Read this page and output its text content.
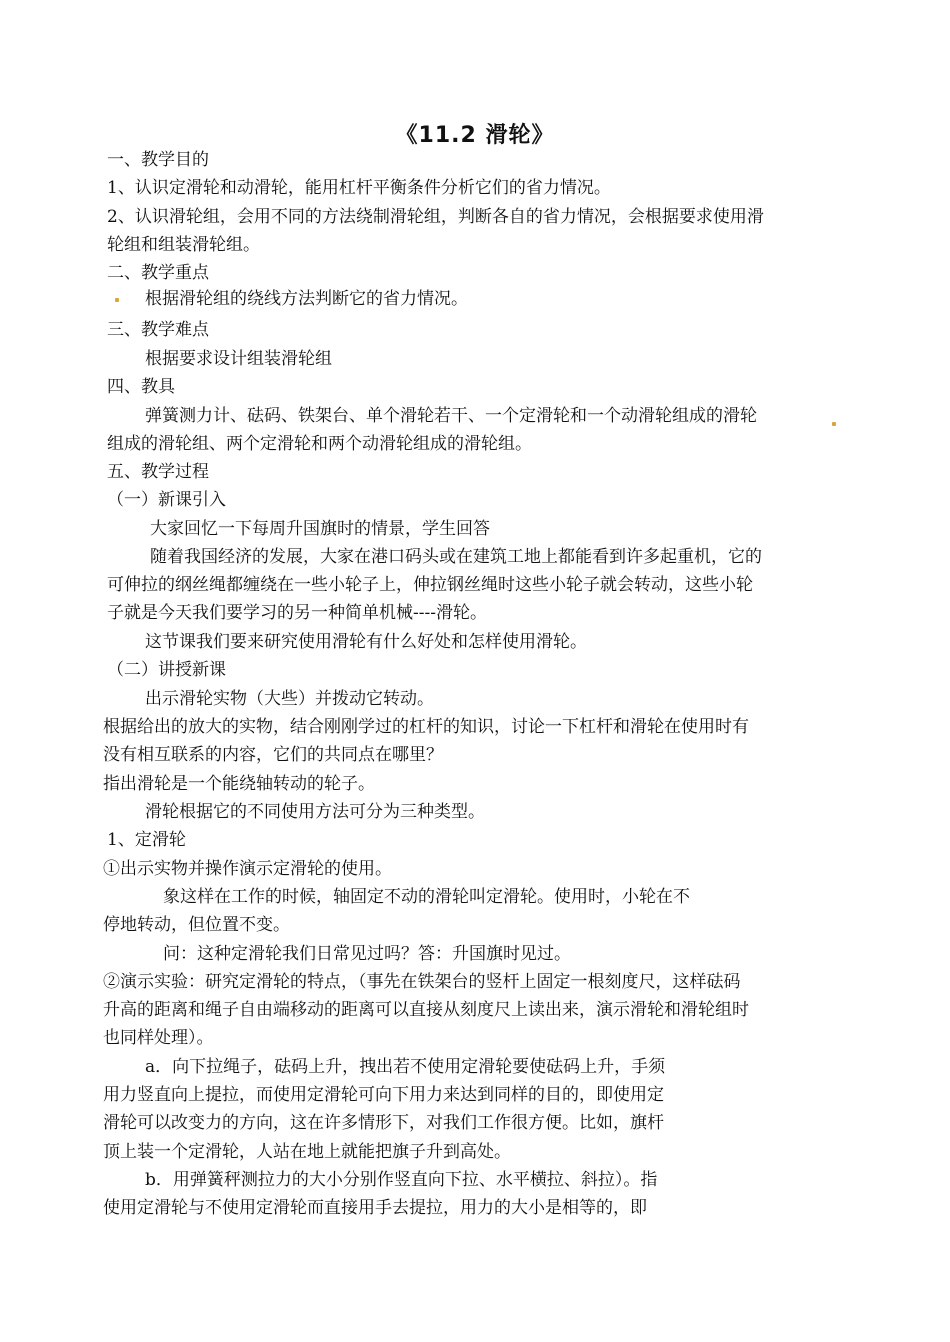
《11.2 滑轮》
一、教学目的
1、认识定滑轮和动滑轮，能用杠杆平衡条件分析它们的省力情况。
2、认识滑轮组，会用不同的方法绕制滑轮组，判断各自的省力情况，会根据要求使用滑
轮组和组装滑轮组。
二、教学重点
根据滑轮组的绕线方法判断它的省力情况。
三、教学难点
根据要求设计组装滑轮组
四、教具
弹簧测力计、砝码、铁架台、单个滑轮若干、一个定滑轮和一个动滑轮组成的滑轮
组成的滑轮组、两个定滑轮和两个动滑轮组成的滑轮组。
五、教学过程
（一）新课引入
大家回忆一下每周升国旗时的情景，学生回答
随着我国经济的发展，大家在港口码头或在建筑工地上都能看到许多起重机，它的
可伸拉的纲丝绳都缠绕在一些小轮子上，伸拉钢丝绳时这些小轮子就会转动，这些小轮
子就是今天我们要学习的另一种简单机械----滑轮。
这节课我们要来研究使用滑轮有什么好处和怎样使用滑轮。
（二）讲授新课
出示滑轮实物（大些）并拨动它转动。
根据给出的放大的实物，结合刚刚学过的杠杆的知识，讨论一下杠杆和滑轮在使用时有
没有相互联系的内容，它们的共同点在哪里？
指出滑轮是一个能绕轴转动的轮子。
滑轮根据它的不同使用方法可分为三种类型。
1、定滑轮
①出示实物并操作演示定滑轮的使用。
象这样在工作的时候，轴固定不动的滑轮叫定滑轮。使用时，小轮在不
停地转动，但位置不变。
问：这种定滑轮我们日常见过吗？答：升国旗时见过。
②演示实验：研究定滑轮的特点，（事先在铁架台的竖杆上固定一根刻度尺，这样砝码
升高的距离和绳子自由端移动的距离可以直接从刻度尺上读出来，演示滑轮和滑轮组时
也同样处理）。
a．向下拉绳子，砝码上升，拽出若不使用定滑轮要使砝码上升，手须
用力竖直向上提拉，而使用定滑轮可向下用力来达到同样的目的，即使用定
滑轮可以改变力的方向，这在许多情形下，对我们工作很方便。比如，旗杆
顶上装一个定滑轮，人站在地上就能把旗子升到高处。
b．用弹簧秤测拉力的大小分别作竖直向下拉、水平横拉、斜拉）。指
使用定滑轮与不使用定滑轮而直接用手去提拉，用力的大小是相等的，即
